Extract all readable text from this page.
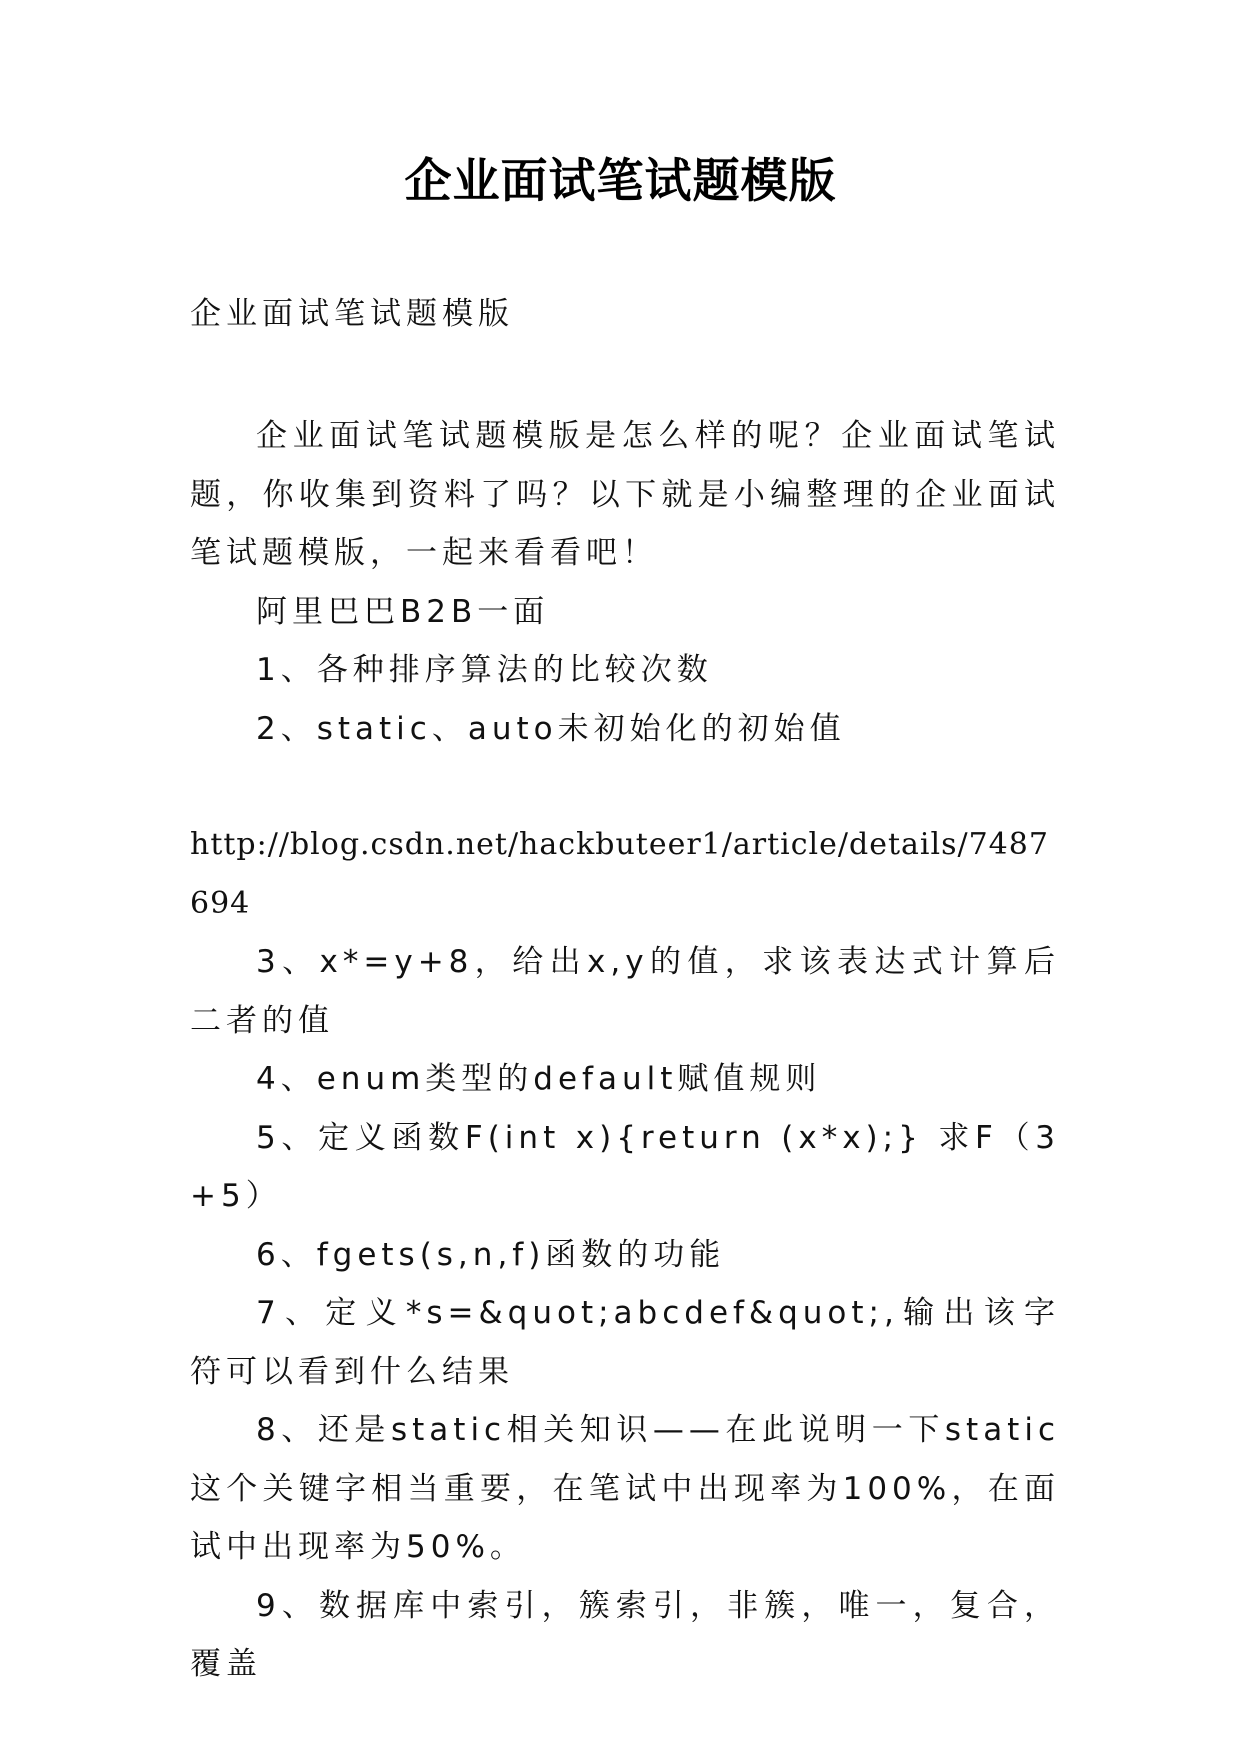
企业面试笔试题模版
企业面试笔试题模版

企业面试笔试题模版是怎么样的呢？企业面试笔试题，你收集到资料了吗？以下就是小编整理的企业面试笔试题模版，一起来看看吧！

阿里巴巴B2B一面

1、各种排序算法的比较次数

2、static、auto未初始化的初始值

http://blog.csdn.net/hackbuteer1/article/details/7487694

3、x*=y+8，给出x,y的值，求该表达式计算后二者的值

4、enum类型的default赋值规则

5、定义函数F(int x){return (x*x);} 求F（3+5）

6、fgets(s,n,f)函数的功能

7、定义*s=&quot;abcdef&quot;,输出该字符可以看到什么结果

8、还是static相关知识——在此说明一下static这个关键字相当重要，在笔试中出现率为100%，在面试中出现率为50%。

9、数据库中索引，簇索引，非簇，唯一，复合，覆盖
